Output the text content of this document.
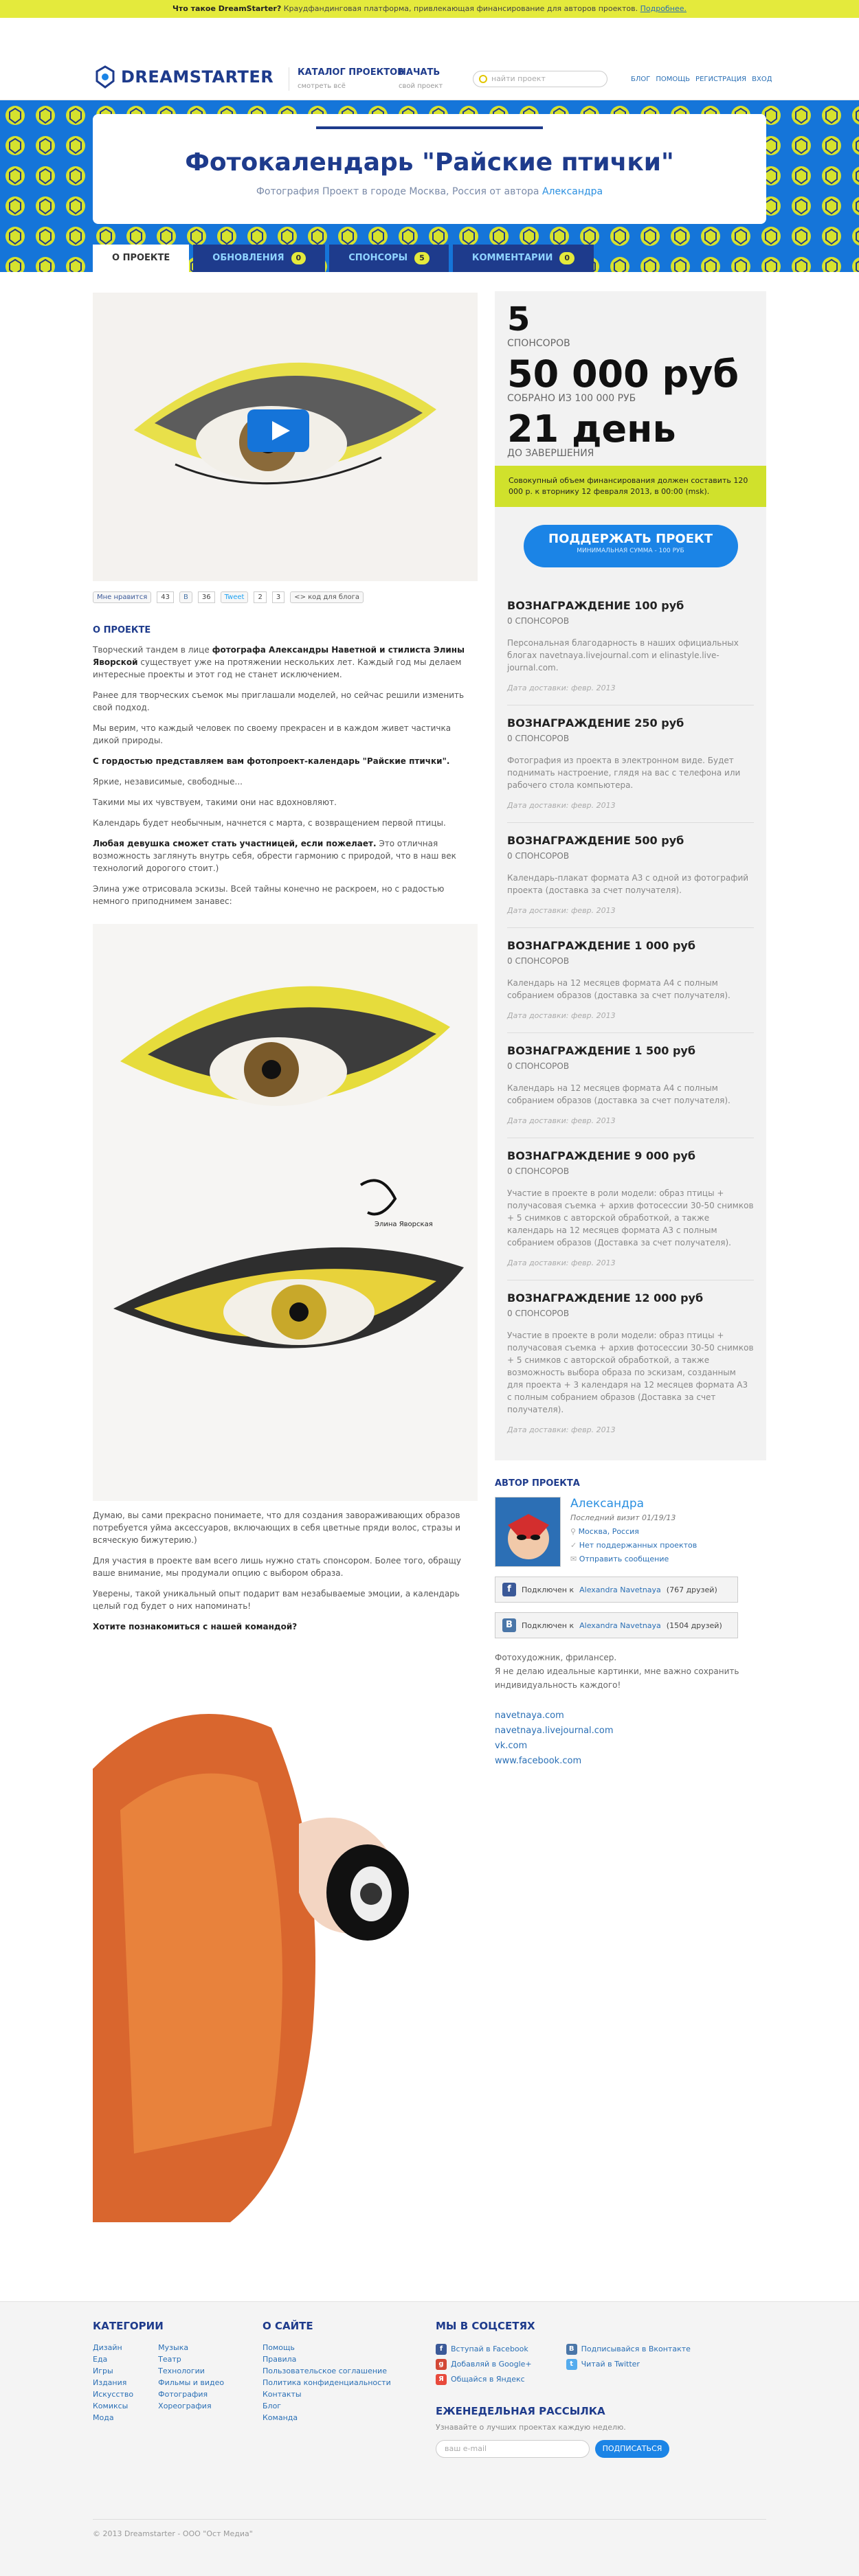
Что такое DreamStarter? Краудфандинговая платформа, привлекающая финансирование для авторов проектов. Подробнее.
DREAMSTARTER	КАТАЛОГ ПРОЕКТОВ
смотреть всё
НАЧАТЬ
свой проект
найти проект	БЛОГ ПОМОЩЬ РЕГИСТРАЦИЯ ВХОД
Фотокалендарь "Райские птички"
Фотография Проект в городе Москва, Россия от автора Александра
О ПРОЕКТЕ	ОБНОВЛЕНИЯ	0	СПОНСОРЫ	5	КОММЕНТАРИИ	0
Мне нравится	43	В	36	Tweet	2	3	<> код для блога
О ПРОЕКТЕ

Творческий тандем в лице фотографа Александры Наветной и стилиста Элины Яворской существует уже на протяжении нескольких лет. Каждый год мы делаем интересные проекты и этот год не станет исключением.

Ранее для творческих съемок мы приглашали моделей, но сейчас решили изменить свой подход.

Мы верим, что каждый человек по своему прекрасен и в каждом живет частичка дикой природы.

С гордостью представляем вам фотопроект-календарь "Райские птички".

Яркие, независимые, свободные...

Такими мы их чувствуем, такими они нас вдохновляют.

Календарь будет необычным, начнется с марта, с возвращением первой птицы.

Любая девушка сможет стать участницей, если пожелает. Это отличная возможность заглянуть внутрь себя, обрести гармонию с природой, что в наш век технологий дорогого стоит.)

Элина уже отрисовала эскизы. Всей тайны конечно не раскроем, но с радостью немного приподнимем занавес:

Элина Яворская

Думаю, вы сами прекрасно понимаете, что для создания завораживающих образов потребуется уйма аксессуаров, включающих в себя цветные пряди волос, стразы и всяческую бижутерию.)

Для участия в проекте вам всего лишь нужно стать спонсором. Более того, обращу ваше внимание, мы продумали опцию с выбором образа.

Уверены, такой уникальный опыт подарит вам незабываемые эмоции, а календарь целый год будет о них напоминать!

Хотите познакомиться с нашей командой?

5
СПОНСОРОВ
50 000 руб
СОБРАНО ИЗ 100 000 РУБ
21 день
ДО ЗАВЕРШЕНИЯ
Совокупный объем финансирования должен составить 120 000 р. к вторнику 12 февраля 2013, в 00:00 (msk).
ПОДДЕРЖАТЬ ПРОЕКТ
МИНИМАЛЬНАЯ СУММА - 100 РУБ
ВОЗНАГРАЖДЕНИЕ 100 руб
0 СПОНСОРОВ
Персональная благодарность в наших официальных блогах navetnaya.livejournal.com и elinastyle.live-journal.com.
Дата доставки: февр. 2013
ВОЗНАГРАЖДЕНИЕ 250 руб
0 СПОНСОРОВ
Фотография из проекта в электронном виде. Будет поднимать настроение, глядя на вас с телефона или рабочего стола компьютера.
Дата доставки: февр. 2013
ВОЗНАГРАЖДЕНИЕ 500 руб
0 СПОНСОРОВ
Календарь-плакат формата А3 с одной из фотографий проекта (доставка за счет получателя).
Дата доставки: февр. 2013
ВОЗНАГРАЖДЕНИЕ 1 000 руб
0 СПОНСОРОВ
Календарь на 12 месяцев формата А4 с полным собранием образов (доставка за счет получателя).
Дата доставки: февр. 2013
ВОЗНАГРАЖДЕНИЕ 1 500 руб
0 СПОНСОРОВ
Календарь на 12 месяцев формата А4 с полным собранием образов (доставка за счет получателя).
Дата доставки: февр. 2013
ВОЗНАГРАЖДЕНИЕ 9 000 руб
0 СПОНСОРОВ
Участие в проекте в роли модели: образ птицы + получасовая съемка + архив фотосессии 30-50 снимков + 5 снимков с авторской обработкой, а также календарь на 12 месяцев формата А3 с полным собранием образов (Доставка за счет получателя).
Дата доставки: февр. 2013
ВОЗНАГРАЖДЕНИЕ 12 000 руб
0 СПОНСОРОВ
Участие в проекте в роли модели: образ птицы + получасовая съемка + архив фотосессии 30-50 снимков + 5 снимков с авторской обработкой, а также возможность выбора образа по эскизам, созданным для проекта + 3 календаря на 12 месяцев формата А3 с полным собранием образов (Доставка за счет получателя).
Дата доставки: февр. 2013
АВТОР ПРОЕКТА
Александра
Последний визит 01/19/13
⚲ Москва, Россия
✓ Нет поддержанных проектов
✉ Отправить сообщение
f	Подключен к Alexandra Navetnaya (767 друзей)
B	Подключен к Alexandra Navetnaya (1504 друзей)
Фотохудожник, фрилансер.
Я не делаю идеальные картинки, мне важно сохранить индивидуальность каждого!
navetnaya.com
navetnaya.livejournal.com
vk.com
www.facebook.com
КАТЕГОРИИ
Дизайн
Еда
Игры
Издания
Искусство
Комиксы
Мода
Музыка
Театр
Технологии
Фильмы и видео
Фотография
Хореография
О САЙТЕ
Помощь
Правила
Пользовательское соглашение
Политика конфиденциальности
Контакты
Блог
Команда
МЫ В СОЦСЕТЯХ
f	Вступай в Facebook
g Добавляй в Google+
Я Общайся в Яндекс
B Подписывайся в Вконтакте
t	Читай в Twitter
ЕЖЕНЕДЕЛЬНАЯ РАССЫЛКА
Узнавайте о лучших проектах каждую неделю.
ваш e-mail	ПОДПИСАТЬСЯ
© 2013 Dreamstarter - ООО "Ост Медиа"
